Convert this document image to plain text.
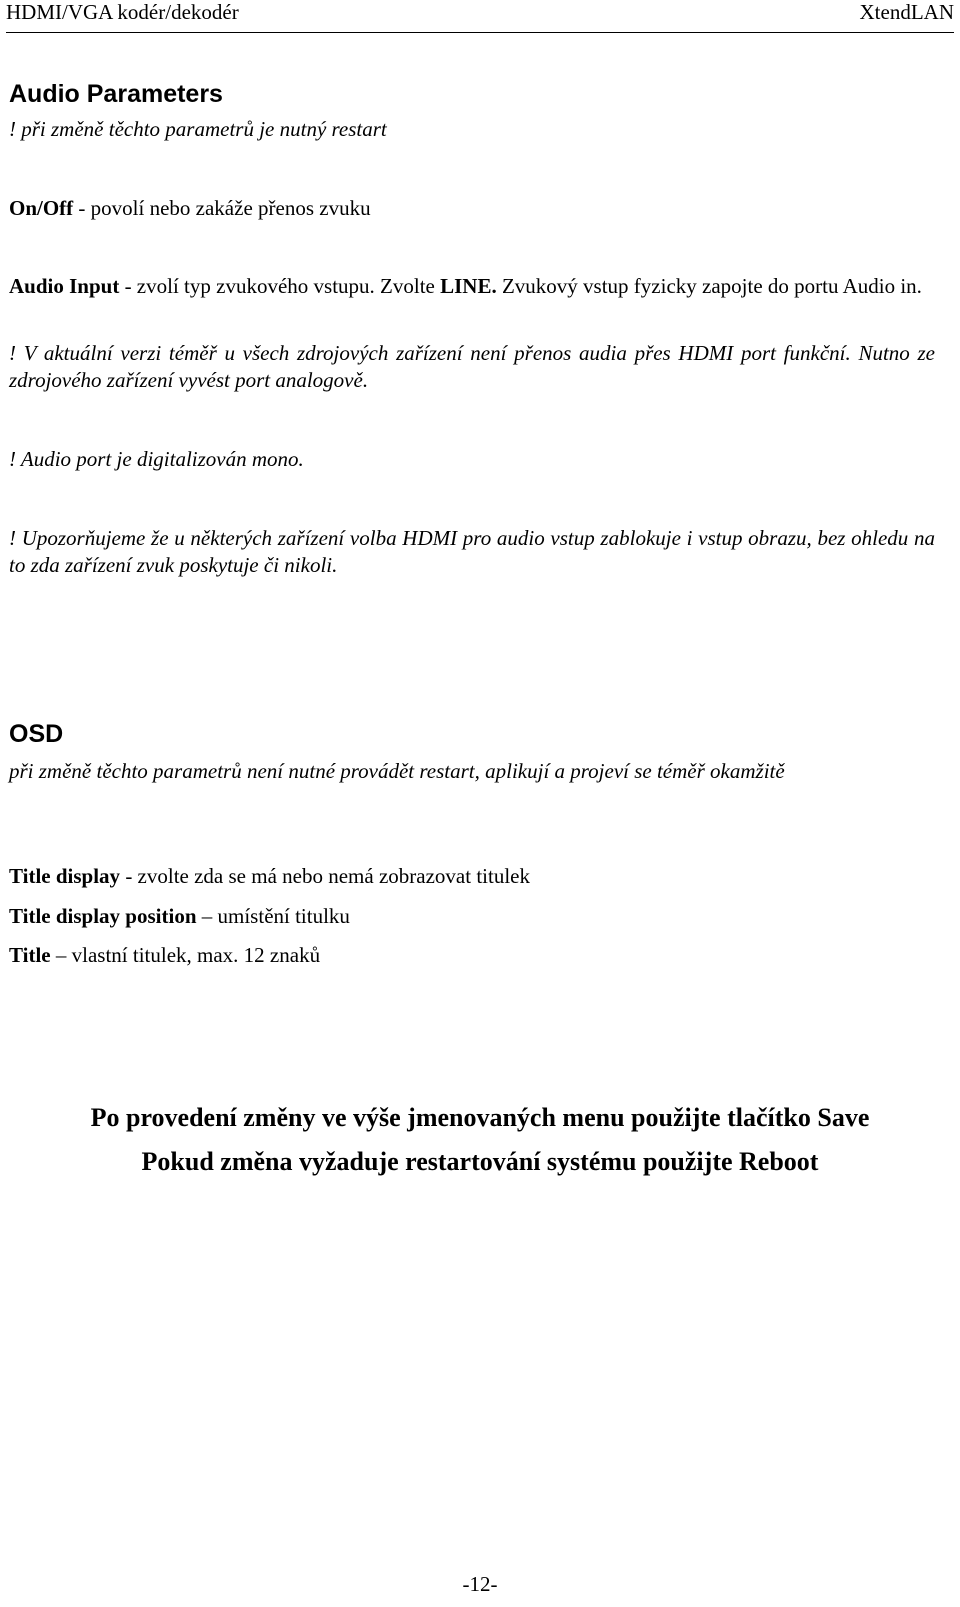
HDMI/VGA kodér/dekodér	XtendLAN
Audio Parameters
! při změně těchto parametrů je nutný restart
On/Off - povolí nebo zakáže přenos zvuku
Audio Input - zvolí typ zvukového vstupu. Zvolte LINE. Zvukový vstup fyzicky zapojte do portu Audio in.
! V aktuální verzi téměř u všech zdrojových zařízení není přenos audia přes HDMI port funkční. Nutno ze zdrojového zařízení vyvést port analogově.
! Audio port je digitalizován mono.
! Upozorňujeme že u některých zařízení volba HDMI pro audio vstup zablokuje i vstup obrazu, bez ohledu na to zda zařízení zvuk poskytuje či nikoli.
OSD
při změně těchto parametrů není nutné provádět restart, aplikují a projeví se téměř okamžitě
Title display - zvolte zda se má nebo nemá zobrazovat titulek
Title display position – umístění titulku
Title – vlastní titulek, max. 12 znaků
Po provedení změny ve výše jmenovaných menu použijte tlačítko Save
Pokud změna vyžaduje restartování systému použijte Reboot
-12-
